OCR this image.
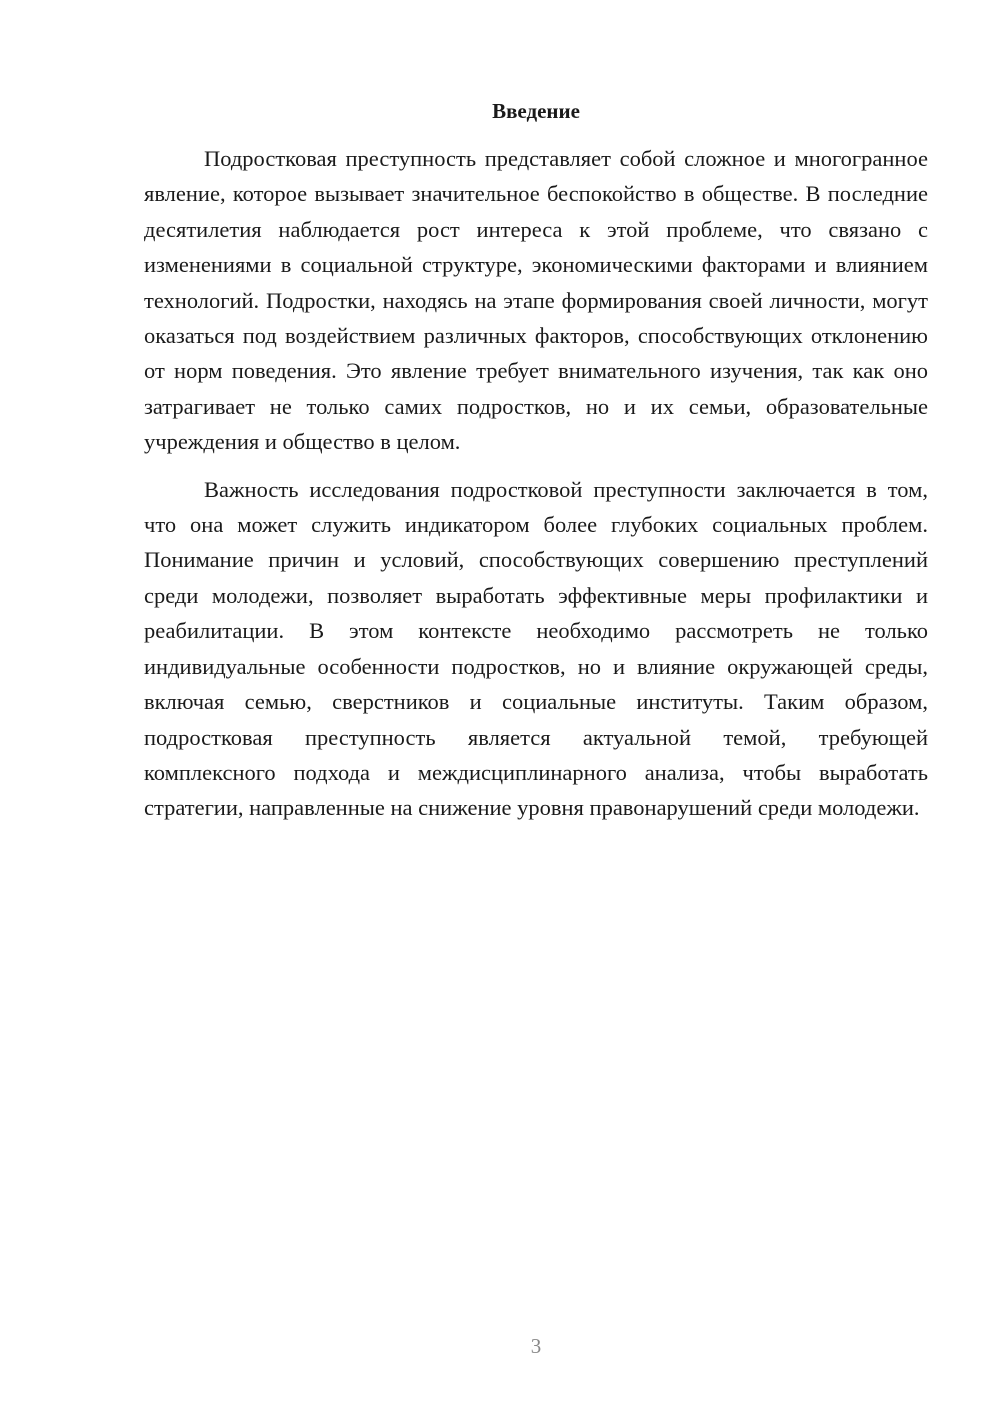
Введение

Подростковая преступность представляет собой сложное и многогранное явление, которое вызывает значительное беспокойство в обществе. В последние десятилетия наблюдается рост интереса к этой проблеме, что связано с изменениями в социальной структуре, экономическими факторами и влиянием технологий. Подростки, находясь на этапе формирования своей личности, могут оказаться под воздействием различных факторов, способствующих отклонению от норм поведения. Это явление требует внимательного изучения, так как оно затрагивает не только самих подростков, но и их семьи, образовательные учреждения и общество в целом.

Важность исследования подростковой преступности заключается в том, что она может служить индикатором более глубоких социальных проблем. Понимание причин и условий, способствующих совершению преступлений среди молодежи, позволяет выработать эффективные меры профилактики и реабилитации. В этом контексте необходимо рассмотреть не только индивидуальные особенности подростков, но и влияние окружающей среды, включая семью, сверстников и социальные институты. Таким образом, подростковая преступность является актуальной темой, требующей комплексного подхода и междисциплинарного анализа, чтобы выработать стратегии, направленные на снижение уровня правонарушений среди молодежи.

3
